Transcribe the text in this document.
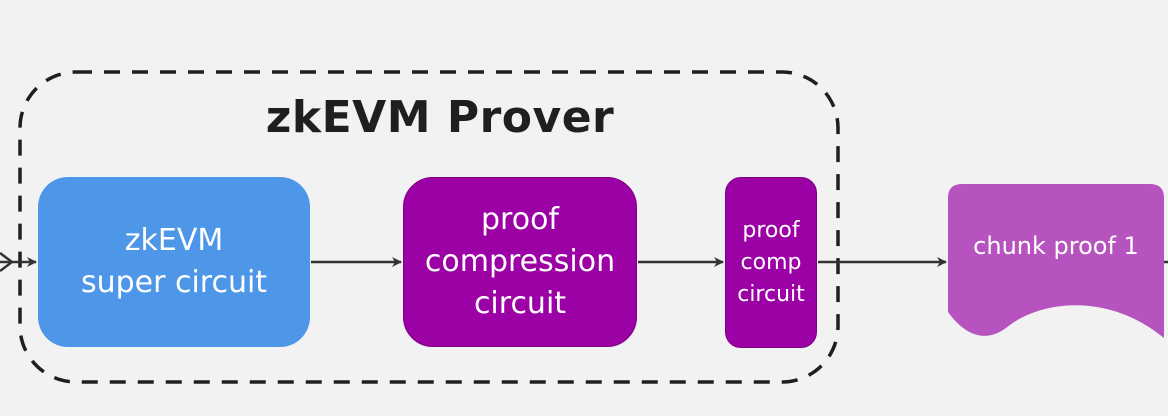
zkEVM Prover
zkEVM
super circuit
proof
compression
circuit
proof
comp
circuit
chunk proof 1
